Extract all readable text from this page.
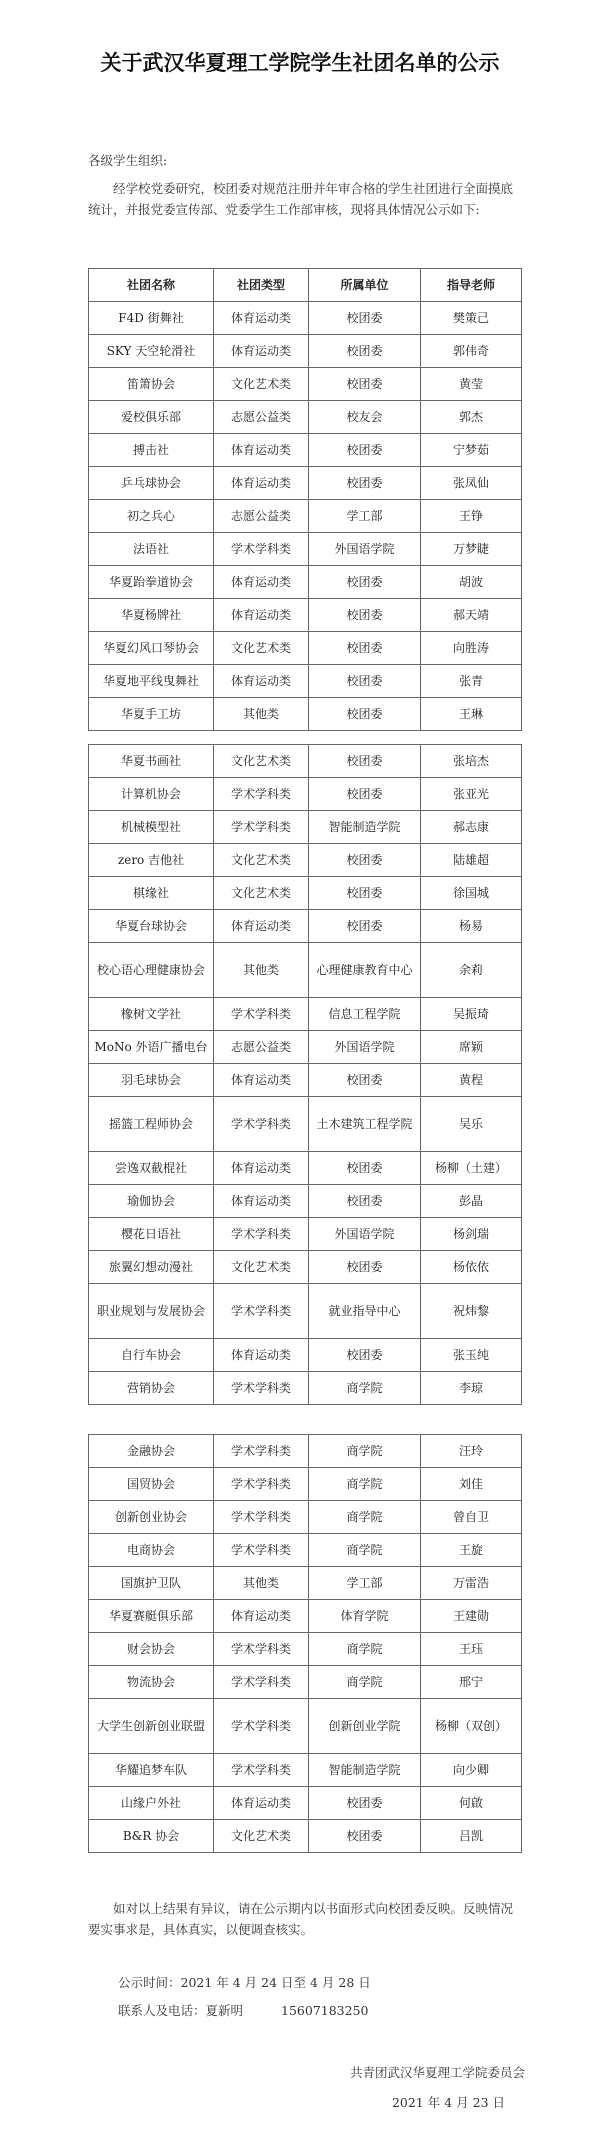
关于武汉华夏理工学院学生社团名单的公示
各级学生组织:
经学校党委研究，校团委对规范注册并年审合格的学生社团进行全面摸底统计，并报党委宣传部、党委学生工作部审核，现将具体情况公示如下:
社团名称	社团类型	所属单位	指导老师
F4D 街舞社	体育运动类	校团委	樊策己
SKY 天空轮滑社	体育运动类	校团委	郭伟奇
笛箫协会	文化艺术类	校团委	黄莹
爱校俱乐部	志愿公益类	校友会	郭杰
搏击社	体育运动类	校团委	宁梦茹
乒乓球协会	体育运动类	校团委	张凤仙
初之兵心	志愿公益类	学工部	王铮
法语社	学术学科类	外国语学院	万梦睫
华夏跆拳道协会	体育运动类	校团委	胡波
华夏杨牌社	体育运动类	校团委	郝天靖
华夏幻风口琴协会	文化艺术类	校团委	向胜涛
华夏地平线曳舞社	体育运动类	校团委	张青
华夏手工坊	其他类	校团委	王琳
华夏书画社	文化艺术类	校团委	张培杰
计算机协会	学术学科类	校团委	张亚光
机械模型社	学术学科类	智能制造学院	郝志康
zero 吉他社	文化艺术类	校团委	陆雄超
棋缘社	文化艺术类	校团委	徐国城
华夏台球协会	体育运动类	校团委	杨易
校心语心理健康协会	其他类	心理健康教育中心	余莉
橡树文学社	学术学科类	信息工程学院	吴振琦
MoNo 外语广播电台	志愿公益类	外国语学院	席颖
羽毛球协会	体育运动类	校团委	黄程
摇篮工程师协会	学术学科类	土木建筑工程学院	吴乐
尝逸双截棍社	体育运动类	校团委	杨柳（土建）
瑜伽协会	体育运动类	校团委	彭晶
樱花日语社	学术学科类	外国语学院	杨剑瑞
旅翼幻想动漫社	文化艺术类	校团委	杨依依
职业规划与发展协会	学术学科类	就业指导中心	祝炜黎
自行车协会	体育运动类	校团委	张玉纯
营销协会	学术学科类	商学院	李琼
金融协会	学术学科类	商学院	汪玲
国贸协会	学术学科类	商学院	刘佳
创新创业协会	学术学科类	商学院	曾自卫
电商协会	学术学科类	商学院	王旋
国旗护卫队	其他类	学工部	万雷浩
华夏赛艇俱乐部	体育运动类	体育学院	王建勋
财会协会	学术学科类	商学院	王珏
物流协会	学术学科类	商学院	邢宁
大学生创新创业联盟	学术学科类	创新创业学院	杨柳（双创）
华耀追梦车队	学术学科类	智能制造学院	向少卿
山缘户外社	体育运动类	校团委	何啟
B&R 协会	文化艺术类	校团委	吕凯
如对以上结果有异议，请在公示期内以书面形式向校团委反映。反映情况要实事求是，具体真实，以便调查核实。
公示时间：2021 年 4 月 24 日至 4 月 28 日
联系人及电话：夏新明	15607183250
共青团武汉华夏理工学院委员会
2021 年 4 月 23 日
